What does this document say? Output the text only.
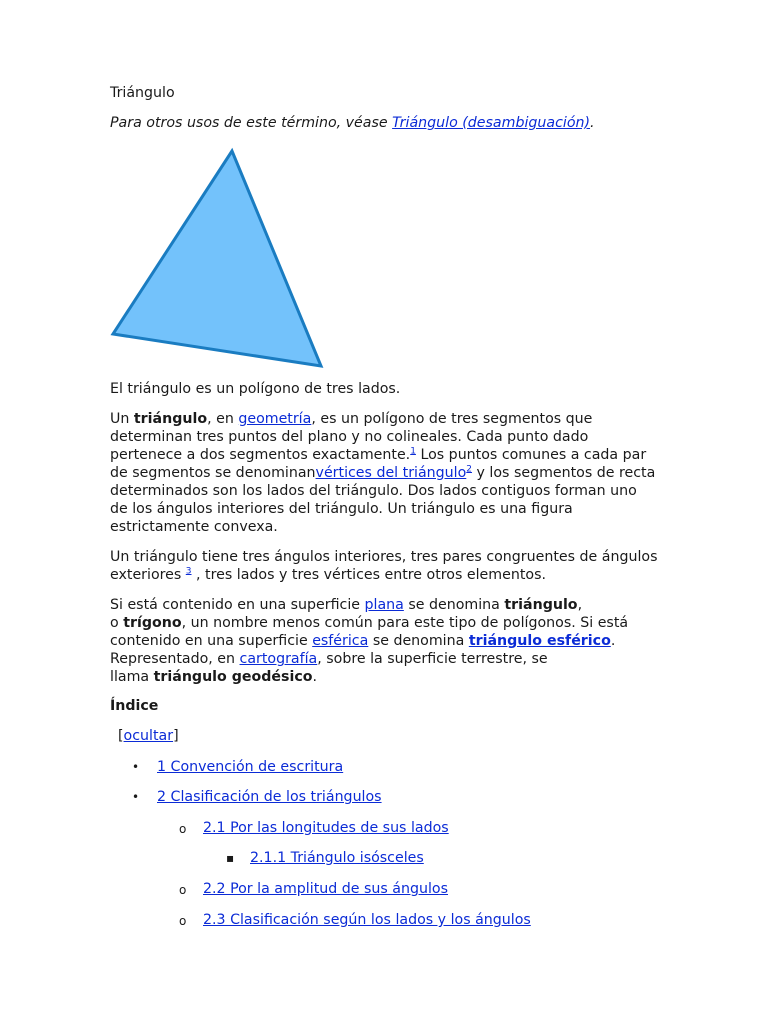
Triángulo
Para otros usos de este término, véase Triángulo (desambiguación).
El triángulo es un polígono de tres lados.
Un triángulo, en geometría, es un polígono de tres segmentos que
determinan tres puntos del plano y no colineales. Cada punto dado
pertenece a dos segmentos exactamente.$^1$ Los puntos comunes a cada par
de segmentos se denominanvértices del triángulo$^2$ y los segmentos de recta
determinados son los lados del triángulo. Dos lados contiguos forman uno
de los ángulos interiores del triángulo. Un triángulo es una figura
estrictamente convexa.
Un triángulo tiene tres ángulos interiores, tres pares congruentes de ángulos
exteriores $^3$ , tres lados y tres vértices entre otros elementos.
Si está contenido en una superficie plana se denomina triángulo,
o trígono, un nombre menos común para este tipo de polígonos. Si está
contenido en una superficie esférica se denomina triángulo esférico.
Representado, en cartografía, sobre la superficie terrestre, se
llama triángulo geodésico.
Índice
[ocultar]
• 1 Convención de escritura
• 2 Clasificación de los triángulos
o 2.1 Por las longitudes de sus lados
▪ 2.1.1 Triángulo isósceles
o 2.2 Por la amplitud de sus ángulos
o 2.3 Clasificación según los lados y los ángulos
